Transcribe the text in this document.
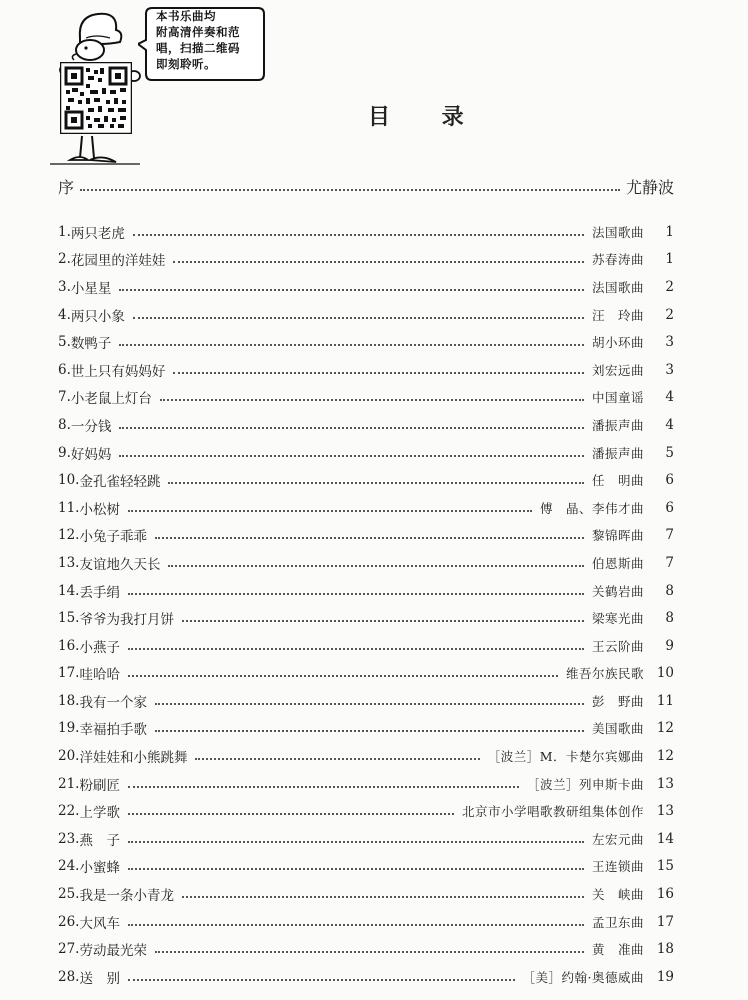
本书乐曲均
附高清伴奏和范
唱，扫描二维码
即刻聆听。
目 录
序	尤静波
1. 两只老虎	法国歌曲	1
2. 花园里的洋娃娃	苏春涛曲	1
3. 小星星	法国歌曲	2
4. 两只小象	汪　玲曲	2
5. 数鸭子	胡小环曲	3
6. 世上只有妈妈好	刘宏远曲	3
7. 小老鼠上灯台	中国童谣	4
8. 一分钱	潘振声曲	4
9. 好妈妈	潘振声曲	5
10. 金孔雀轻轻跳	任　明曲	6
11. 小松树	傅　晶、李伟才曲	6
12. 小兔子乖乖	黎锦晖曲	7
13. 友谊地久天长	伯恩斯曲	7
14. 丢手绢	关鹤岩曲	8
15. 爷爷为我打月饼	梁寒光曲	8
16. 小燕子	王云阶曲	9
17. 哇哈哈	维吾尔族民歌 10
18. 我有一个家	彭　野曲 11
19. 幸福拍手歌	美国歌曲 12
20. 洋娃娃和小熊跳舞	［波兰］M．卡楚尔宾娜曲 12
21. 粉刷匠	［波兰］列申斯卡曲 13
22. 上学歌	北京市小学唱歌教研组集体创作 13
23. 燕　子	左宏元曲 14
24. 小蜜蜂	王连锁曲 15
25. 我是一条小青龙	关　峡曲 16
26. 大风车	孟卫东曲 17
27. 劳动最光荣	黄　准曲 18
28. 送　别	［美］约翰·奥德威曲 19
